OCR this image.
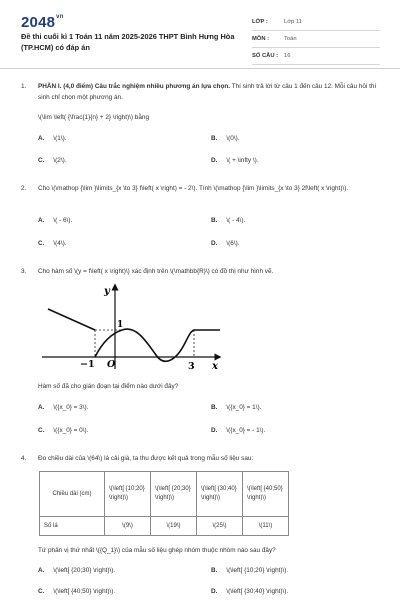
$2048^{vn}$
Đề thi cuối kì 1 Toán 11 năm 2025-2026 THPT Bình Hưng Hòa (TP.HCM) có đáp án
LỚP :	Lớp 11
MÔN :	Toán
SỐ CÂU :	16
1.	PHẦN I. (4,0 điểm) Câu trắc nghiệm nhiều phương án lựa chọn. Thí sinh trả lời từ câu 1 đến câu 12. Mỗi câu hỏi thí sinh chỉ chọn một phương án.
\(\lim \left( {\frac{1}{n} + 2} \right)\) bằng
A. \(1\).	B. \(0\).
C. \(2\).	D. \( + \infty \).
2.	Cho \(\mathop {\lim }\limits_{x \to 3} f\left( x \right) = - 2\). Tính \(\mathop {\lim }\limits_{x \to 3} 2f\left( x \right)\).
A. \( - 6\).	B. \( - 4\).
C. \(4\).	D. \(6\).
3.	Cho hàm số \(y = f\left( x \right)\) xác định trên \(\mathbb{R}\) có đồ thị như hình vẽ.
y
x
1
O
−1	3
Hàm số đã cho gián đoạn tại điểm nào dưới đây?
A. \({x_0} = 3\).	B. \({x_0} = 1\).
C. \({x_0} = 0\).	D. \({x_0} = - 1\).
4.	Đo chiều dài của \(64\) lá cải giá, ta thu được kết quả trong mẫu số liệu sau:
Chiều dài (cm)	\(\left[ {10;20} \right)\)	\(\left[ {20;30} \right)\)	\(\left[ {30;40} \right)\)	\(\left[ {40;50} \right)\)
Số lá	\(9\)	\(19\)	\(25\)	\(11\)
Tứ phân vị thứ nhất \({Q_1}\) của mẫu số liệu ghép nhóm thuộc nhóm nào sau đây?
A. \(\left[ {20;30} \right)\).	B. \(\left[ {10;20} \right)\).
C. \(\left[ {40;50} \right)\).	D. \(\left[ {30;40} \right)\).
